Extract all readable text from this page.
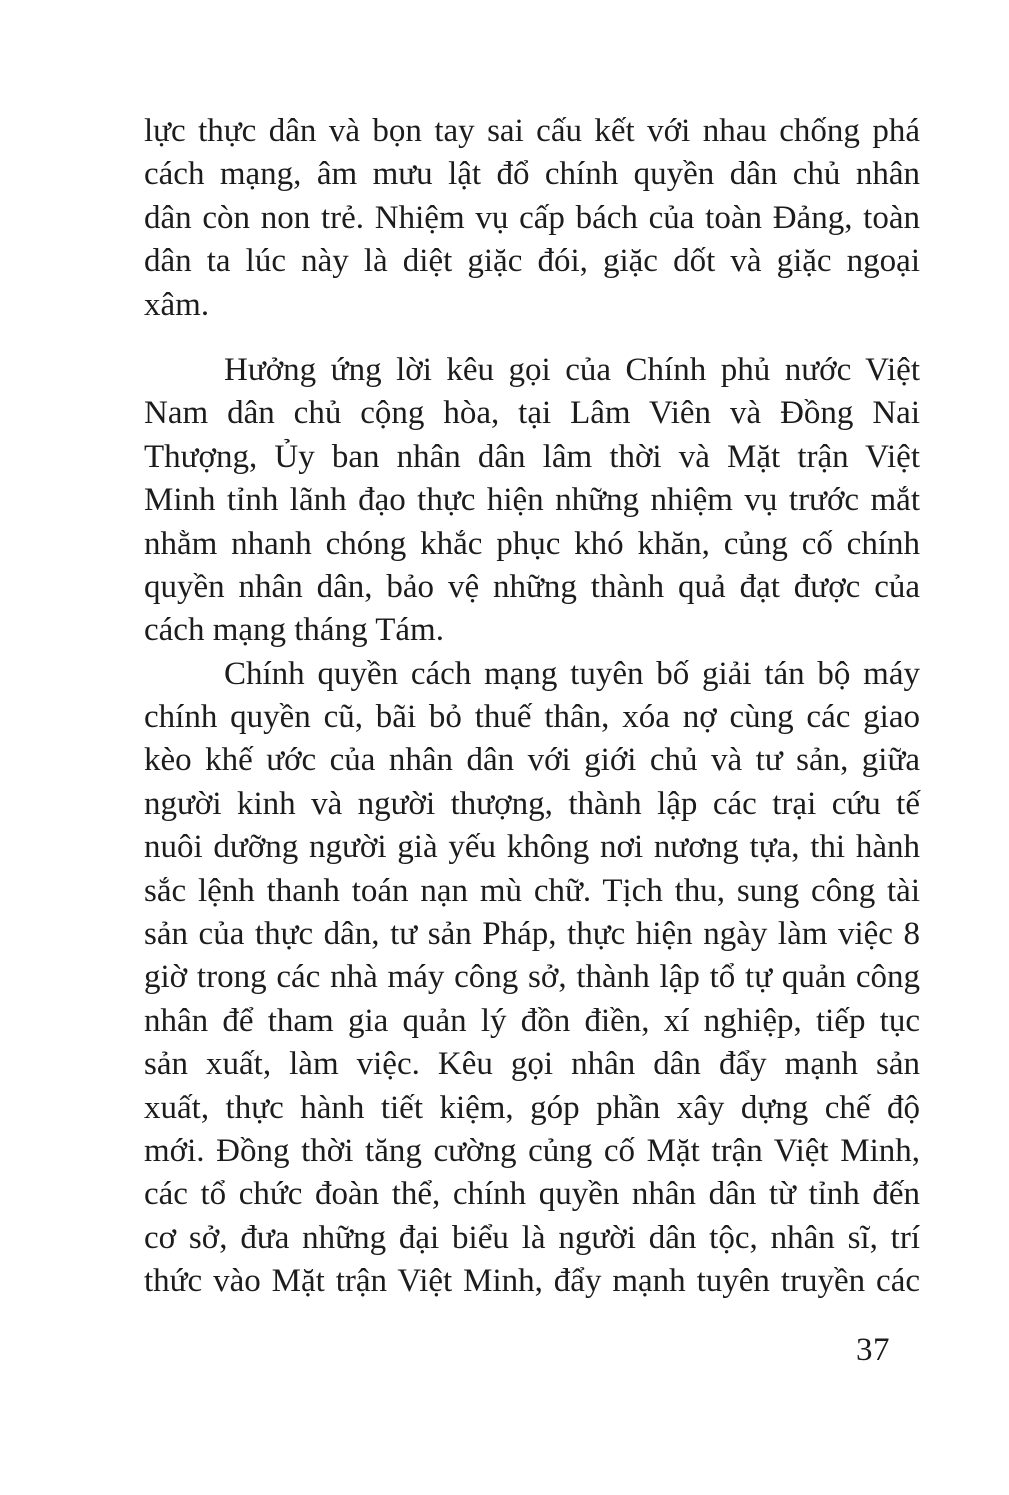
lực thực dân và bọn tay sai cấu kết với nhau chống phá
cách mạng, âm mưu lật đổ chính quyền dân chủ nhân
dân còn non trẻ. Nhiệm vụ cấp bách của toàn Đảng, toàn
dân ta lúc này là diệt giặc đói, giặc dốt và giặc ngoại
xâm.
Hưởng ứng lời kêu gọi của Chính phủ nước Việt
Nam dân chủ cộng hòa, tại Lâm Viên và Đồng Nai
Thượng, Ủy ban nhân dân lâm thời và Mặt trận Việt
Minh tỉnh lãnh đạo thực hiện những nhiệm vụ trước mắt
nhằm nhanh chóng khắc phục khó khăn, củng cố chính
quyền nhân dân, bảo vệ những thành quả đạt được của
cách mạng tháng Tám.
Chính quyền cách mạng tuyên bố giải tán bộ máy
chính quyền cũ, bãi bỏ thuế thân, xóa nợ cùng các giao
kèo khế ước của nhân dân với giới chủ và tư sản, giữa
người kinh và người thượng, thành lập các trại cứu tế
nuôi dưỡng người già yếu không nơi nương tựa, thi hành
sắc lệnh thanh toán nạn mù chữ. Tịch thu, sung công tài
sản của thực dân, tư sản Pháp, thực hiện ngày làm việc 8
giờ trong các nhà máy công sở, thành lập tổ tự quản công
nhân để tham gia quản lý đồn điền, xí nghiệp, tiếp tục
sản xuất, làm việc. Kêu gọi nhân dân đẩy mạnh sản
xuất, thực hành tiết kiệm, góp phần xây dựng chế độ
mới. Đồng thời tăng cường củng cố Mặt trận Việt Minh,
các tổ chức đoàn thể, chính quyền nhân dân từ tỉnh đến
cơ sở, đưa những đại biểu là người dân tộc, nhân sĩ, trí
thức vào Mặt trận Việt Minh, đẩy mạnh tuyên truyền các
37
